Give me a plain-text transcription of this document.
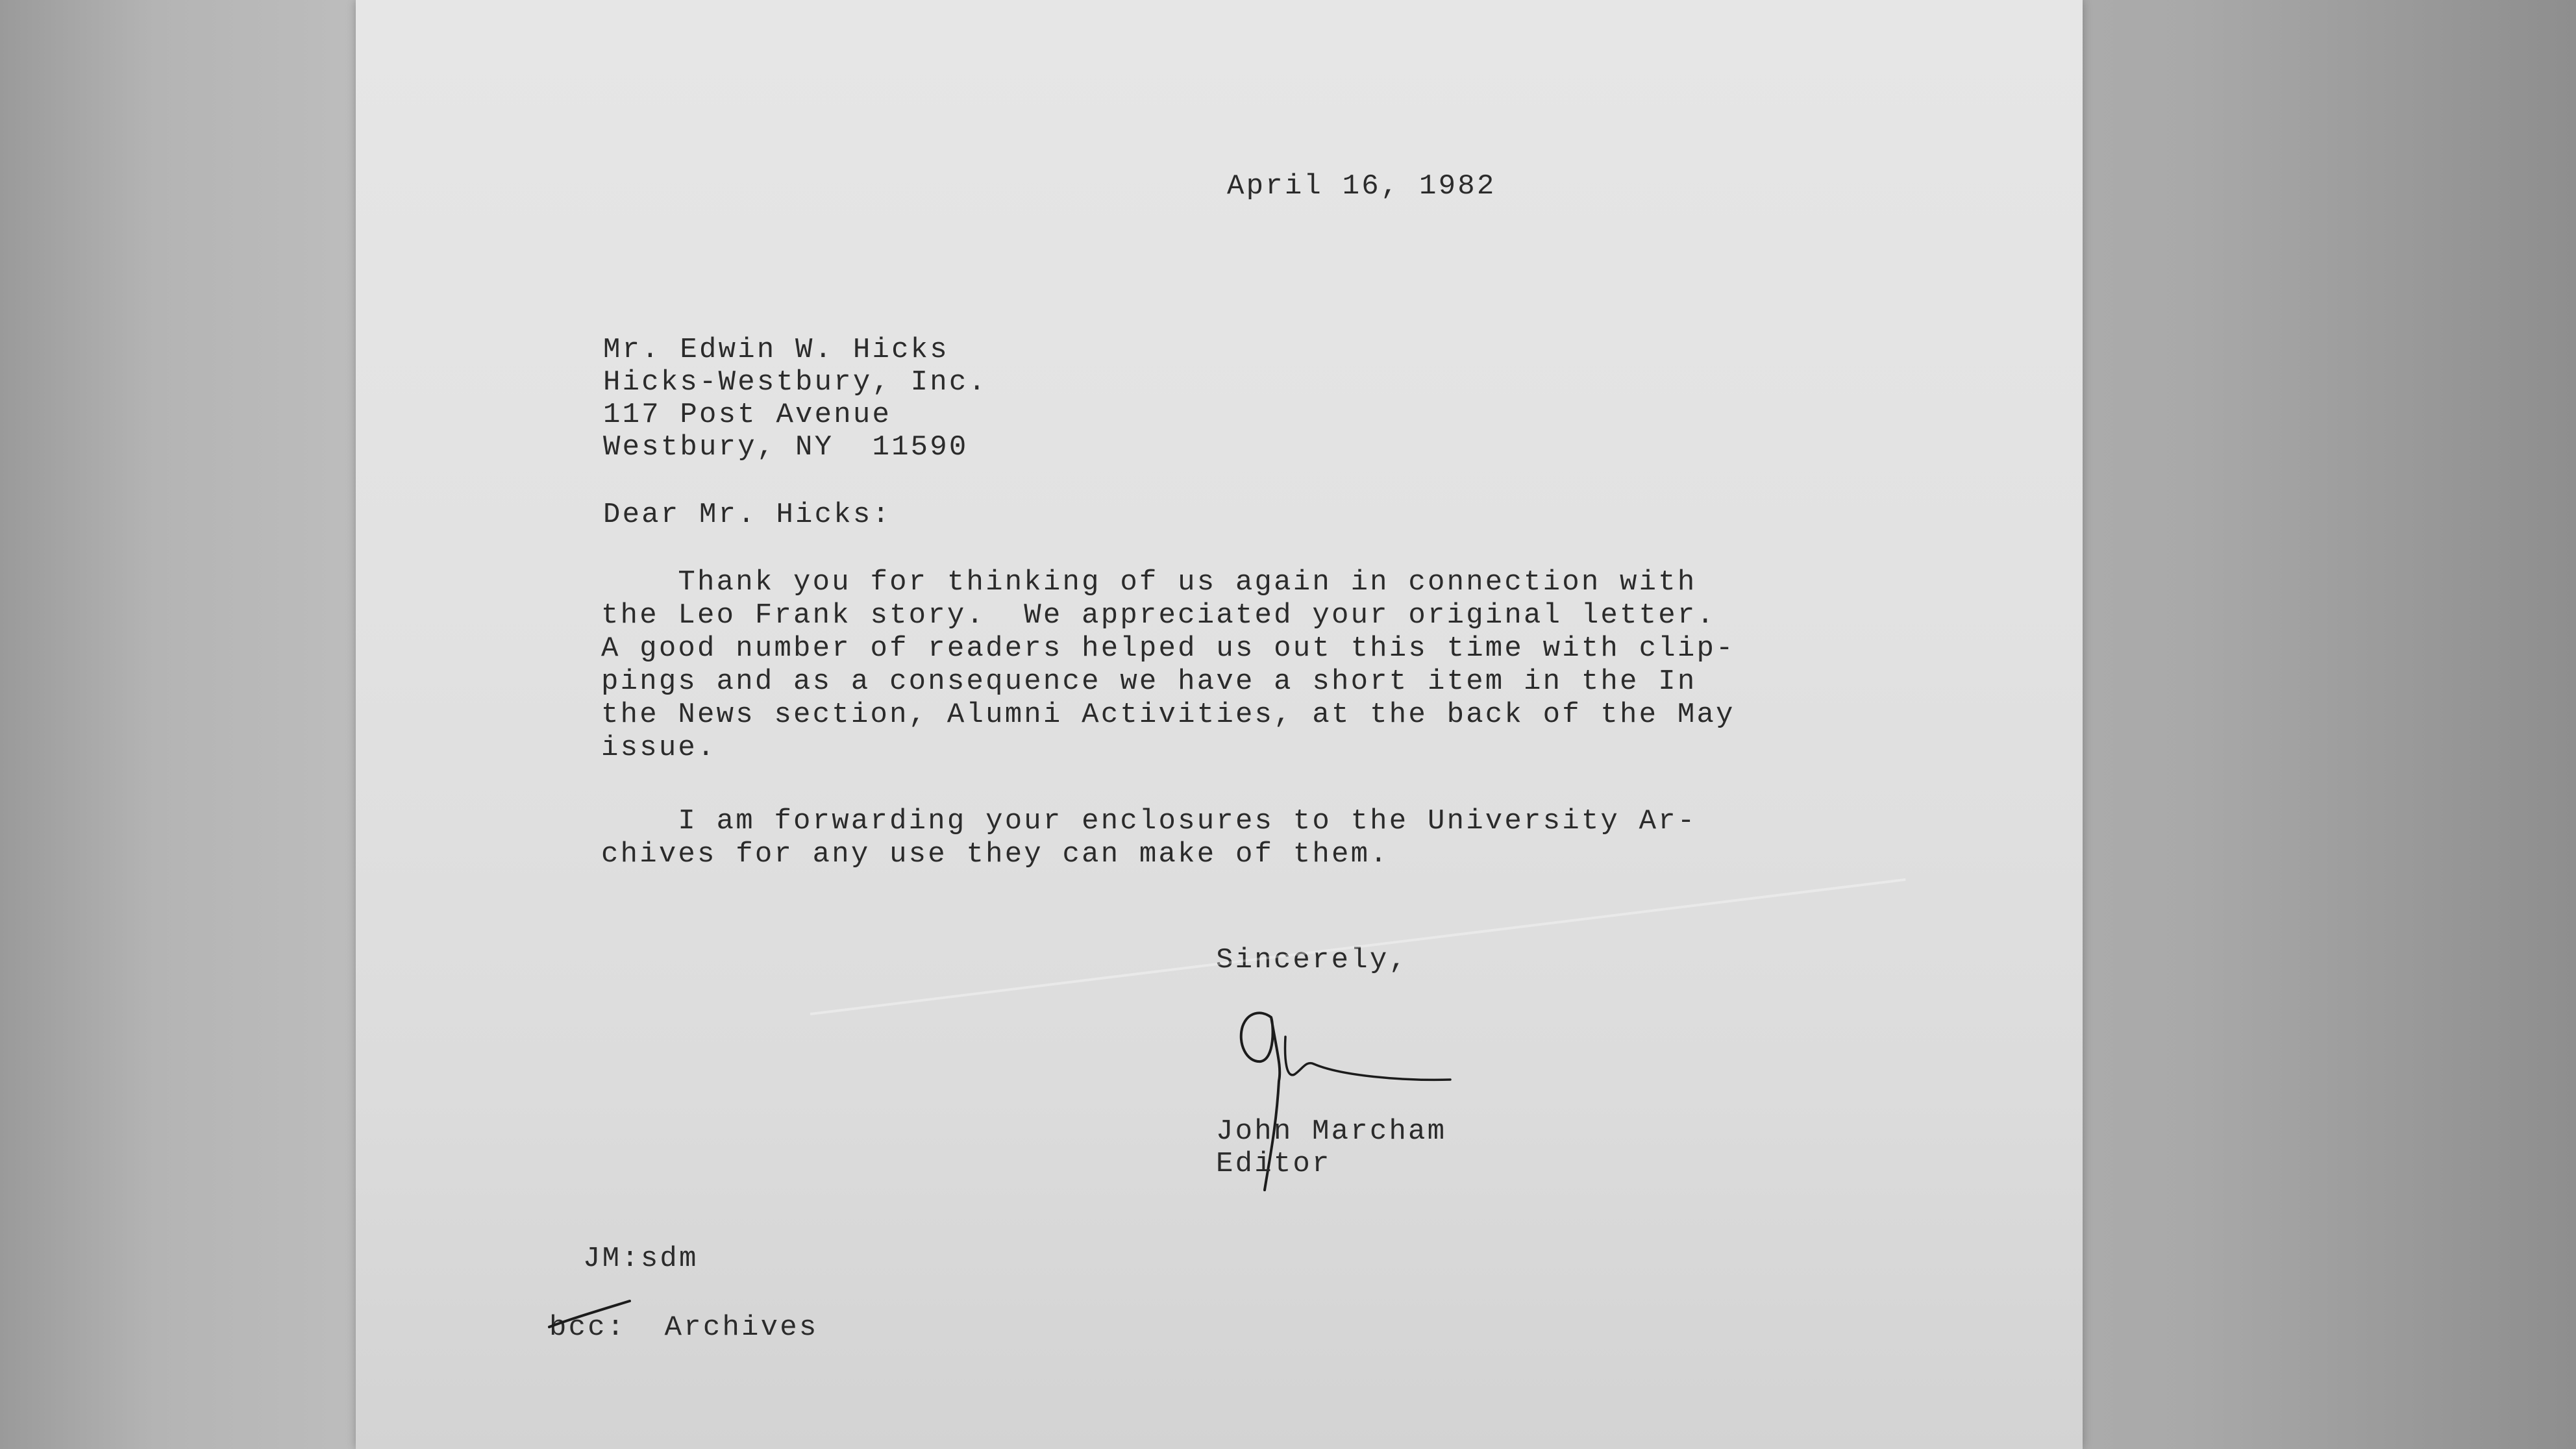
April 16, 1982

Mr. Edwin W. Hicks

Hicks-Westbury, Inc.

117 Post Avenue

Westbury, NY  11590

Dear Mr. Hicks:

Thank you for thinking of us again in connection with

the Leo Frank story.  We appreciated your original letter.

A good number of readers helped us out this time with clip-

pings and as a consequence we have a short item in the In

the News section, Alumni Activities, at the back of the May

issue.

I am forwarding your enclosures to the University Ar-

chives for any use they can make of them.

Sincerely,

John Marcham

Editor

JM:sdm

bcc:  Archives
